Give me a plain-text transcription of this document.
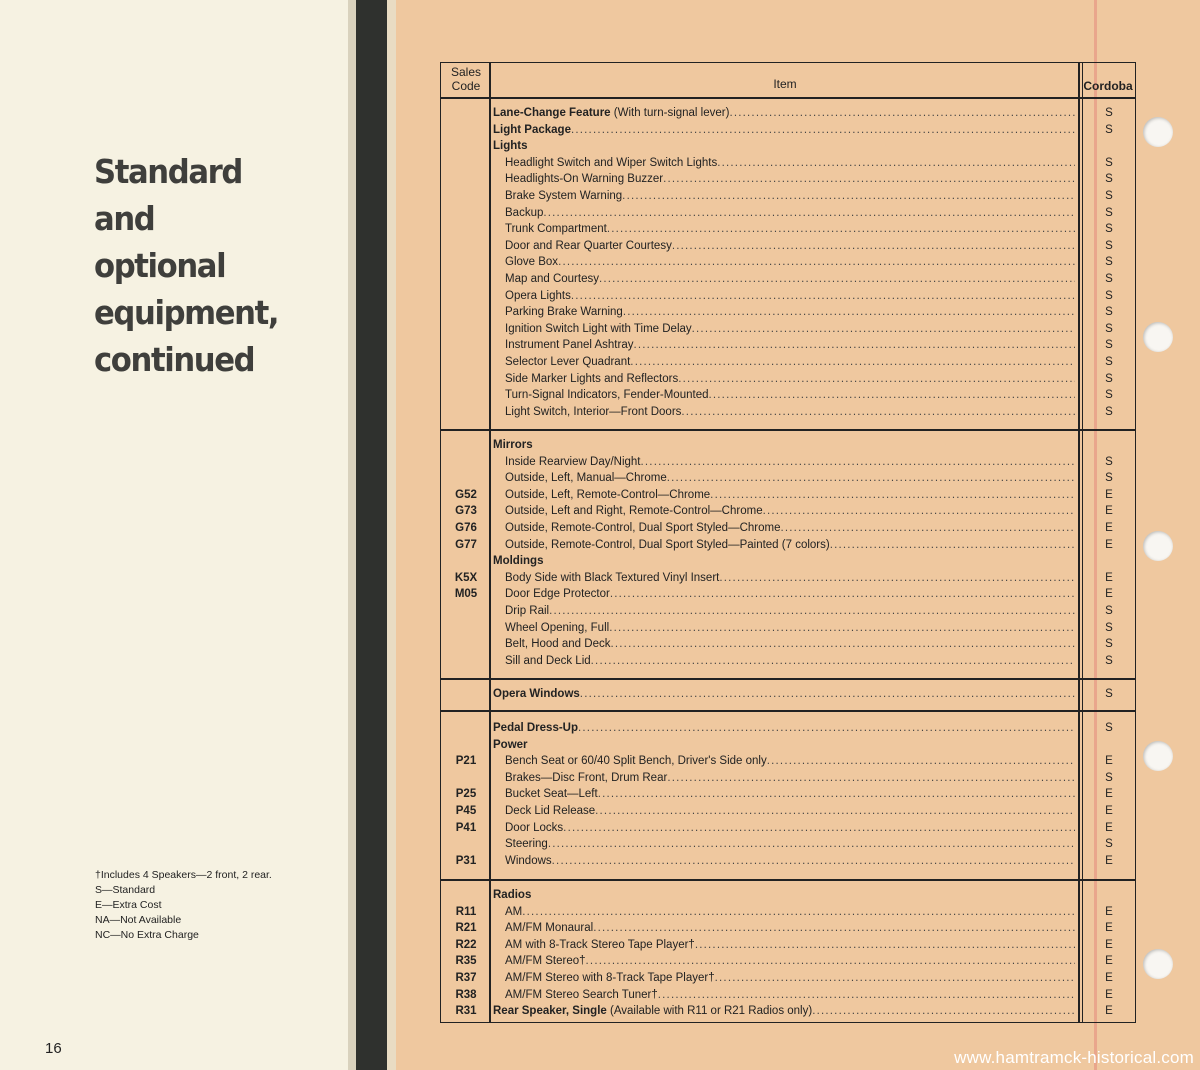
Standard
and
optional
equipment,
continued
†Includes 4 Speakers—2 front, 2 rear.
S—Standard
E—Extra Cost
NA—Not Available
NC—No Extra Charge
16	www.hamtramck-historical.com
Sales
Code	Item	Cordoba
Lane-Change Feature (With turn-signal lever) .....	S
Light Package .....	S
Lights
Headlight Switch and Wiper Switch Lights .....	S
Headlights-On Warning Buzzer .....	S
Brake System Warning .....	S
Backup .....	S
Trunk Compartment .....	S
Door and Rear Quarter Courtesy .....	S
Glove Box .....	S
Map and Courtesy .....	S
Opera Lights .....	S
Parking Brake Warning .....	S
Ignition Switch Light with Time Delay .....	S
Instrument Panel Ashtray .....	S
Selector Lever Quadrant .....	S
Side Marker Lights and Reflectors .....	S
Turn-Signal Indicators, Fender-Mounted .....	S
Light Switch, Interior—Front Doors .....	S
Mirrors
Inside Rearview Day/Night .....	S
Outside, Left, Manual—Chrome .....	S
G52	Outside, Left, Remote-Control—Chrome .....	E
G73	Outside, Left and Right, Remote-Control—Chrome .....	E
G76	Outside, Remote-Control, Dual Sport Styled—Chrome .....	E
G77	Outside, Remote-Control, Dual Sport Styled—Painted (7 colors) .....	E
Moldings
K5X	Body Side with Black Textured Vinyl Insert .....	E
M05	Door Edge Protector .....	E
Drip Rail .....	S
Wheel Opening, Full .....	S
Belt, Hood and Deck .....	S
Sill and Deck Lid .....	S
Opera Windows .....	S
Pedal Dress-Up .....	S
Power
P21	Bench Seat or 60/40 Split Bench, Driver's Side only .....	E
Brakes—Disc Front, Drum Rear .....	S
P25	Bucket Seat—Left .....	E
P45	Deck Lid Release .....	E
P41	Door Locks .....	E
Steering .....	S
P31	Windows .....	E
Radios
R11	AM .....	E
R21	AM/FM Monaural .....	E
R22	AM with 8-Track Stereo Tape Player† .....	E
R35	AM/FM Stereo† .....	E
R37	AM/FM Stereo with 8-Track Tape Player† .....	E
R38	AM/FM Stereo Search Tuner† .....	E
R31	Rear Speaker, Single (Available with R11 or R21 Radios only) .....	E
